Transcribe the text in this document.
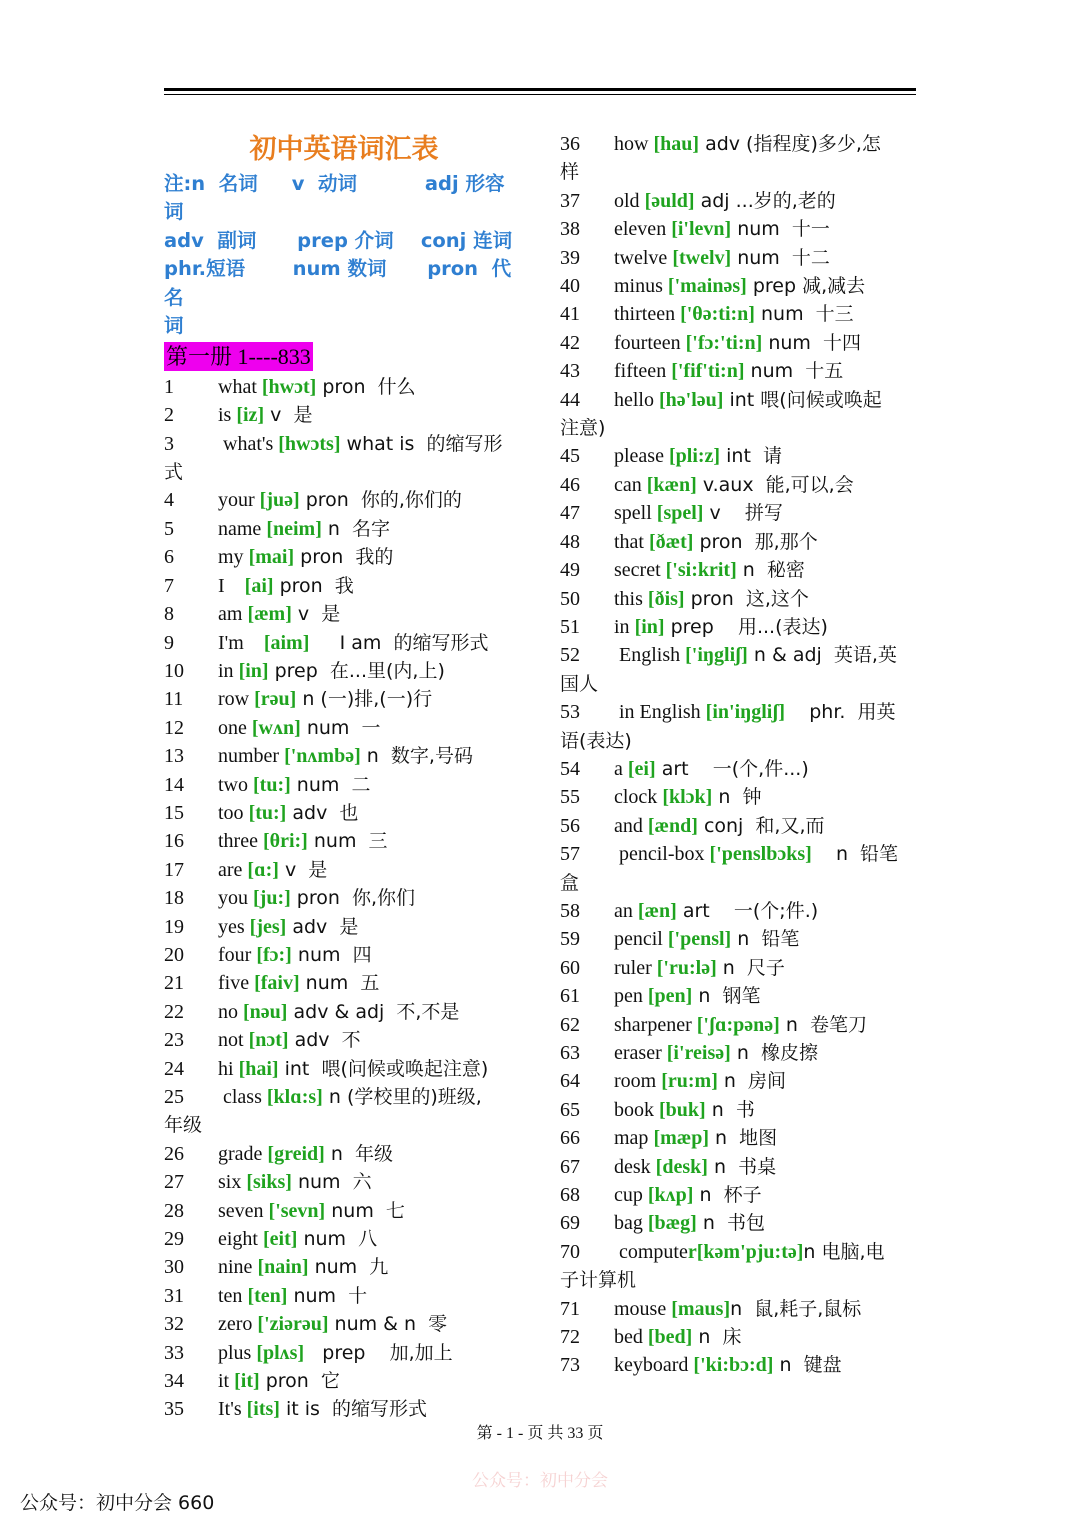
初中英语词汇表
注:n  名词     v  动词          adj 形容
词
adv  副词      prep 介词    conj 连词
phr.短语       num 数词      pron  代名
词
第一册 1----833
1 what [hwɔt] pron  什么
2 is [iz] v  是
3 what's [hwɔts] what is  的缩写形
式
4 your [juə] pron  你的,你们的
5 name [neim] n  名字
6 my [mai] pron  我的
7 I    [ai] pron  我
8 am [æm] v  是
9 I'm    [aim]     I am  的缩写形式
10 in [in] prep  在...里(内,上)
11 row [rəu] n (一)排,(一)行
12 one [wʌn] num  一
13 number ['nʌmbə] n  数字,号码
14 two [tu:] num  二
15 too [tu:] adv  也
16 three [θri:] num  三
17 are [ɑ:] v  是
18 you [ju:] pron  你,你们
19 yes [jes] adv  是
20 four [fɔ:] num  四
21 five [faiv] num  五
22 no [nəu] adv & adj  不,不是
23 not [nɔt] adv  不
24 hi [hai] int  喂(问候或唤起注意)
25 class [klɑ:s] n (学校里的)班级,
年级
26 grade [greid] n  年级
27 six [siks] num  六
28 seven ['sevn] num  七
29 eight [eit] num  八
30 nine [nain] num  九
31 ten [ten] num  十
32 zero ['ziərəu] num & n  零
33 plus [plʌs]   prep    加,加上
34 it [it] pron  它
35 It's [its] it is  的缩写形式
36 how [hau] adv (指程度)多少,怎
样
37 old [əuld] adj ...岁的,老的
38 eleven [i'levn] num  十一
39 twelve [twelv] num  十二
40 minus ['mainəs] prep 减,减去
41 thirteen ['θə:ti:n] num  十三
42 fourteen ['fɔ:'ti:n] num  十四
43 fifteen ['fif'ti:n] num  十五
44 hello [hə'ləu] int 喂(问候或唤起
注意)
45 please [pli:z] int  请
46 can [kæn] v.aux  能,可以,会
47 spell [spel] v    拼写
48 that [ðæt] pron  那,那个
49 secret ['si:krit] n  秘密
50 this [ðis] pron  这,这个
51 in [in] prep    用...(表达)
52 English ['iŋgliʃ] n & adj  英语,英
国人
53 in English [in'iŋgliʃ]    phr.  用英
语(表达)
54 a [ei] art    一(个,件...)
55 clock [klɔk] n  钟
56 and [ænd] conj  和,又,而
57 pencil-box ['penslbɔks]    n  铅笔
盒
58 an [æn] art    一(个;件.)
59 pencil ['pensl] n  铅笔
60 ruler ['ru:lə] n  尺子
61 pen [pen] n  钢笔
62 sharpener ['ʃɑ:pənə] n  卷笔刀
63 eraser [i'reisə] n  橡皮擦
64 room [ru:m] n  房间
65 book [buk] n  书
66 map [mæp] n  地图
67 desk [desk] n  书桌
68 cup [kʌp] n  杯子
69 bag [bæg] n  书包
70 computer[kəm'pju:tə]n 电脑,电
子计算机
71 mouse [maus]n  鼠,耗子,鼠标
72 bed [bed] n  床
73 keyboard ['ki:bɔ:d] n  键盘
第 - 1 - 页 共 33 页
公众号：初中分会
公众号：初中分会 660
